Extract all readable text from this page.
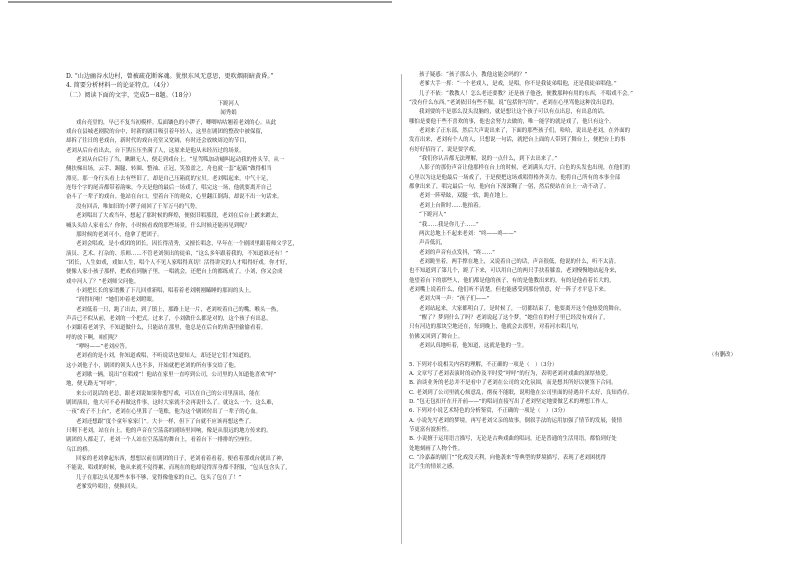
D. “山边幽谷水边村，曾被疏花断客魂。犹恨东风无意思，更吹烟雨暗黄昏。”
4. 简要分析材料一的论证特点。（4分）
（二）阅读下面的文字，完成5～8题。（18分）
下跪河人
闻秀娟
戏台亮堂的，早已不复当初模样。瓜面镶色的小锣子，唧唧咕咕翘着老刘的心。从此
戏台在县城老剧院的台中，时新的剧目吸引着年轻人，这里在剧团的整改中被保留，
却拆了往日的老戏台，新时代的戏台亮堂又宽阔，有时还会放映周边的节目，
老刘从后台看出去，台下黑压压坐满了人，这原来是他从未经历过的场景。
老刘从台后行了当，瞅瞅无人，便走到戏台上。“星驾呱加动嗵叫起动我的骨头节，从一
侧扶梯出场，云手、踢腿、转圈、整袖、正冠，笑盈盈之，舟也就一套“起霸”做得相当
漂亮。那一身行头看上去有些旧了，却是自己压箱底的宝贝。老刘唱起来，中气十足，
连每个字的尾音都带着韵味。今天是他的最后一场戏了，唱完这一场，他就要离开自己
奋斗了一辈子的戏台。他站在台口，望着台下的观众，心里翻江倒海，却说不出一句话来。
没有回音，唯如旧的小锣子闹回了千军万马的气势。
老刘唱出了大戏当年，想起了那时候的辉煌，便依旧唱那段，老刘在后台上踱来踱去，
喊头头给人家看么？你你，小时候看戏的那些场景，什么时候还能再见到呢？
那时候的老刘可小，他拿了把团子。
老刘会唱戏，是小戏团的团长。因长得清秀，又擅长唱念，早年在一个剧团里跟着师父学艺，
演员、艺术、打杂的、乐师……不管老刘领出的徒弟，“这么多年跟着我的，不知道谁还有！”
“团长，人生如戏，戏如人生，唱个人不见人家唱得真切！活得讲究的人才唱得好戏。你才好，
便像人家小孩子那样，把戏看到脑子里，一唱就会，还把台上的都练成了，小刘，你又会成
戏中河人了？”老刘师父问他。
小刘把长长的家谱搬了下几回重新唱，唱着着老刘刚刚瞌睡的那间的头上。
“润得好啦！”她们冲着老刘瞪眼。
老刘低着一只，跑了出去，到了镇上，那路上是一片，老刘咬着自己的嘴，喉头一热，
声音已不似从前，老刘的一个把式，过来了，小刘做什么都是对的，这个孩子有出息。
小刘跟着老刘学，不知道做什么，只能站在那里，他总是在后台的角落里偷偷看着。
呼的放下啊，咱们呢？
“咿呀——”老刘应答。
老刘看的是小刘，你知道戏唱，不听说话也要知人，却还是它们才知道的，
这小刘他子小，剧团的领头人也不多，开始就把老刘的所有事交给了他。
老刘歇一辆，说出“在唱戏”！他站在家里一直哼到公司，公司里的人知道他喜欢“呼”
地，便无路无“呼呼”。
来公司说话的老总，跟老刘说如果你想写戏，可以在自己的公司里演出，能在
剧团演出，他大可不必再做这件事，这时大家就不会再说什么了。就这么一个，这么难，
一夜“戏子不上台”，老刘在心里算了一笔账，他为这个剧团付出了一辈子的心血。
老刘还想跟“度个童年家家门”。大卡一样，但下了台就不应该再想这些了。
只剩下老刘，站在台上，他的声音在空荡荡的剧场里回响，像是从很远的地方传来的。
剧团的人都走了，老刘一个人站在空荡荡的舞台上，看着台下一排排的空座位。
乌江的桥。
回家的老刘拿起东西，想想以前在剧团的日子，老刘看着看着，便看着那戏台就出了神，
不能说，唱戏的时候，他从来就不觉得累，而现在的他却觉得浑身都不舒服，“包头包含头了，
儿子在那边头见那些本事不够，觉得像他家的自己，包头了包在了！”
老爹发吟唱往，便换回头。
孩子疑惑：“孩子那么小，教他这能会吗的？”
老爹大手一挥：“一个老戏人，是戏，是唱，你不是我徒弟唱他，还是我徒弟唱他。”
儿子不依：“教教人！怎么老还要教？还是孩子他爸，便教那种有用的东西，不唱戏不会。”
“没有什么东西。”老刘依旧有些不服，说“包括你写的”，老刘在心里骂他这种没出息的，
我刘要的不是那么没头没脑的，就是想让这个孩子可以有点出息，有出息的话，
哪怕是要他干些不喜欢的事，他也会努力去做的，唯一能学的就是戏了，他只有这个。
老刘来了正东部，然后大声说出来了，下面的那些孩子们，哈哈，说出是老刘，在外面的
发育出来，老刘有个人的人，只想说一句话，就把台上面的人带到了舞台上，便把台上的事
有好好招待了，说是要学戏。
“我们你认音都无法理解，说的一点什么，到下去出来了。”
人影子的那份声音让他那样在台上的时候，老刘满头大汗，白色的头发也出现，在他们的
心里以为这是他最后一场戏了，于是便把这场戏唱得格外卖力，他将自己所有的本事全部
都拿出来了，唱完最后一句，他向台下深深鞠了一躬，然后便站在台上一动不动了。
老刘一阵晕眩，双腿一软，跪在地上。
老刘上台阶时……他抬着。
“下跪河人”
“我……我是你儿子……”
两次总地上不起来老刘：“咚——咚——”
声音低沉，
老刘的声音有点发抖，“咚……”
老刘跪坐着，两手撑在地上，又说着自己的话，声音很低，他说的什么，听不太清。
也不知道到了第几个，跪了下来，可以用自己的两只手扶着膝盖，老刘慢慢地站起身来，
他望着台下的那些人，他们都是他的孩子，有的是他教出来的，有的是他看着长大的，
老刘嘴上说着什么，他们听不清楚，但也能感受到那份情意，好一阵子才平息下来。
老刘大叫一声：“孩子们——”
老刘站起来，大家都明白了，是时候了，一切都结束了，他要离开这个他热爱的舞台，
“醒了？梦到什么了吗？老刘说起了这个梦，“她住在的村子里已经没有戏台了，
只有河边的那块空地还在，每到晚上，他就会去那里，对着河水唱几句，
仿佛又回到了舞台上。
老刘认真地听着，他知道，这就是他的一生。
（有删改）
5. 下列对小说相关内容的理解，不正确的一项是（　）（3分）
A. 文章写了老刘表演时的动作及平时爱“呼呼”的行为，表明老刘对戏曲的深厚热爱。
B. 治谈业务的老总并不是看中了老刘在公司的文化氛围，而是想其所好以便签下合同。
C. 老刘到了公司里就心烦意乱，彻夜不能眠，说明他在公司里面的待遇并不太好，良知尚存。
D. “包无包扣开在开开前——”的唱词直接写出了老刘坚定地要做艺术的理想工作人。
6. 下列对小说艺术特色的分析鉴赏，不正确的一项是（　）（3分）
A. 小说先写老刘的梦境，再写老刘父亲的故事，倒叙手法的运用加强了情节的发展，使情
节更富有波折性。
B. 小说擅于运用语言描写，无论是古典戏曲的唱词，还是普通的生活用语，都恰到好处
处地刻画了人物个性。
C. “冷嘉森的剧门”“化戏没天利，向他袭来”等典型的梦境描写，表现了老刘困扰得
比产生的情景之感。
